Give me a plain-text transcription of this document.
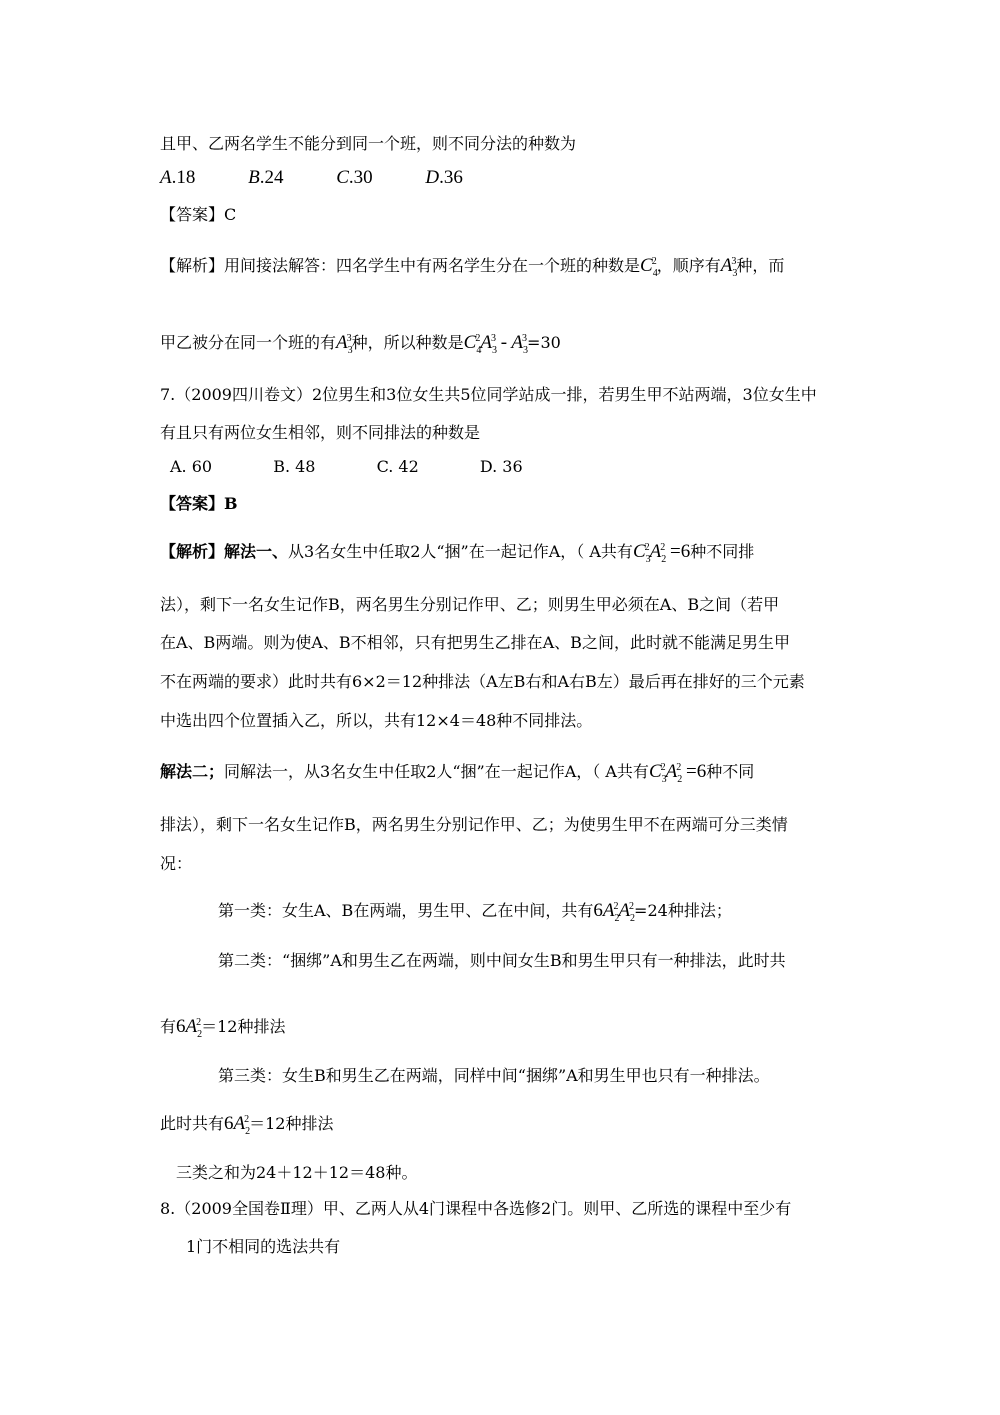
且甲、乙两名学生不能分到同一个班，则不同分法的种数为
A.18	B.24	C.30	D.36
【答案】C
【解析】用间接法解答：四名学生中有两名学生分在一个班的种数是$C_4^2$，顺序有$A_3^3$种，而
甲乙被分在同一个班的有$A_3^3$种，所以种数是$C_4^2A_3^3 - A_3^3=30$
7.（2009四川卷文）2位男生和3位女生共5位同学站成一排，若男生甲不站两端，3位女生中
有且只有两位女生相邻，则不同排法的种数是
A. 60	B. 48	C. 42	D. 36
【答案】B
【解析】解法一、从3名女生中任取2人“捆”在一起记作A，（ A共有$C_3^2A_2^2 =6$种不同排
法），剩下一名女生记作B，两名男生分别记作甲、乙；则男生甲必须在A、B之间（若甲
在A、B两端。则为使A、B不相邻，只有把男生乙排在A、B之间，此时就不能满足男生甲
不在两端的要求）此时共有6×2＝12种排法（A左B右和A右B左）最后再在排好的三个元素
中选出四个位置插入乙，所以，共有12×4＝48种不同排法。
解法二；同解法一，从3名女生中任取2人“捆”在一起记作A，（ A共有$C_3^2A_2^2 =6$种不同
排法），剩下一名女生记作B，两名男生分别记作甲、乙；为使男生甲不在两端可分三类情
况：
第一类：女生A、B在两端，男生甲、乙在中间，共有$6A_2^2A_2^2=24$种排法；
第二类：“捆绑”A和男生乙在两端，则中间女生B和男生甲只有一种排法，此时共
有$6A_2^2=12$种排法
第三类：女生B和男生乙在两端，同样中间“捆绑”A和男生甲也只有一种排法。
此时共有$6A_2^2=12$种排法
三类之和为24＋12＋12＝48种。
8.（2009全国卷Ⅱ理）甲、乙两人从4门课程中各选修2门。则甲、乙所选的课程中至少有
1门不相同的选法共有
